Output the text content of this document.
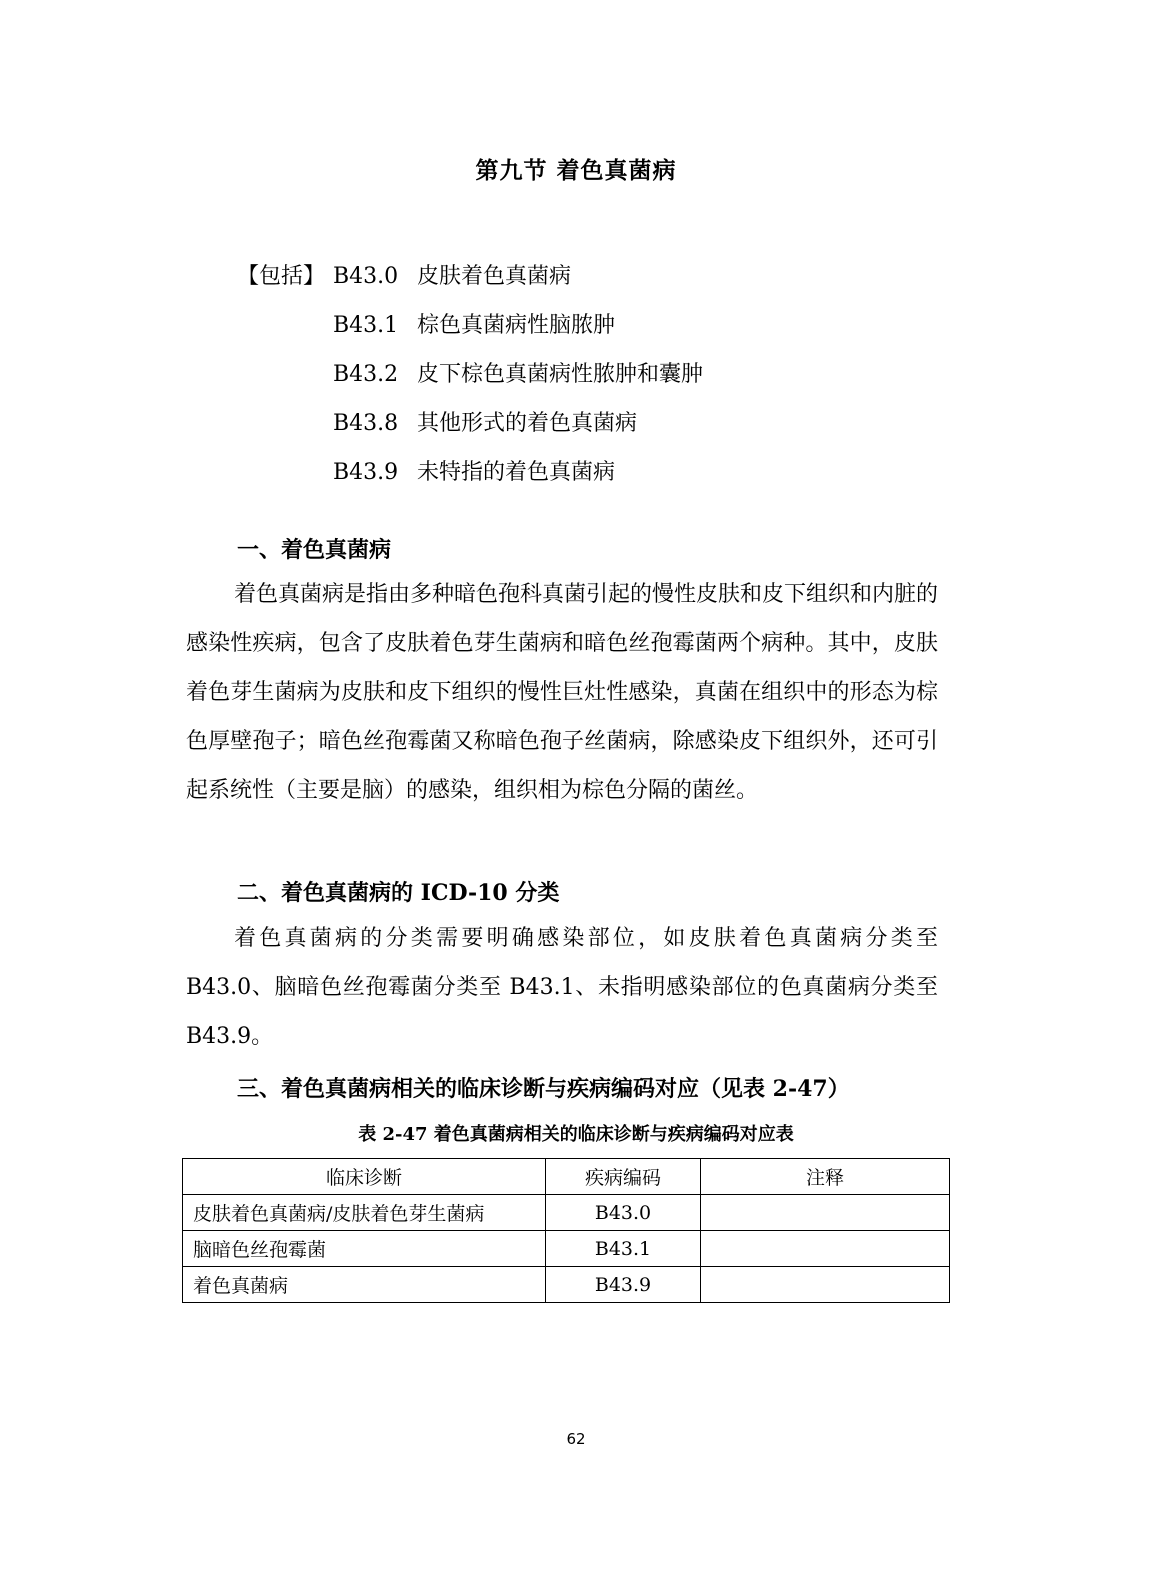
第九节 着色真菌病
【包括】 B43.0 皮肤着色真菌病
B43.1 棕色真菌病性脑脓肿
B43.2 皮下棕色真菌病性脓肿和囊肿
B43.8 其他形式的着色真菌病
B43.9 未特指的着色真菌病
一、着色真菌病
着色真菌病是指由多种暗色孢科真菌引起的慢性皮肤和皮下组织和内脏的感染性疾病，包含了皮肤着色芽生菌病和暗色丝孢霉菌两个病种。其中，皮肤着色芽生菌病为皮肤和皮下组织的慢性巨灶性感染，真菌在组织中的形态为棕色厚壁孢子；暗色丝孢霉菌又称暗色孢子丝菌病，除感染皮下组织外，还可引起系统性（主要是脑）的感染，组织相为棕色分隔的菌丝。
二、着色真菌病的 ICD-10 分类
着色真菌病的分类需要明确感染部位，如皮肤着色真菌病分类至 B43.0、脑暗色丝孢霉菌分类至 B43.1、未指明感染部位的色真菌病分类至 B43.9。
三、着色真菌病相关的临床诊断与疾病编码对应（见表 2-47）
表 2-47 着色真菌病相关的临床诊断与疾病编码对应表
临床诊断	疾病编码	注释
皮肤着色真菌病/皮肤着色芽生菌病	B43.0	
脑暗色丝孢霉菌	B43.1	
着色真菌病	B43.9	
62
